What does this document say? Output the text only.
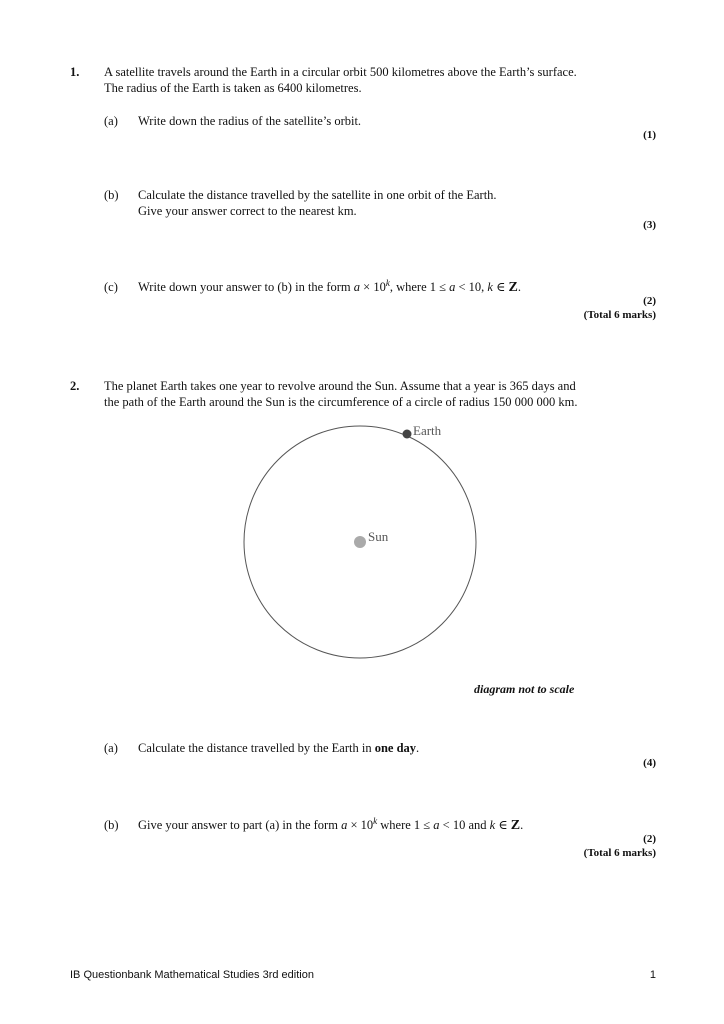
1. A satellite travels around the Earth in a circular orbit 500 kilometres above the Earth’s surface.
The radius of the Earth is taken as 6400 kilometres.
(a) Write down the radius of the satellite’s orbit.
(1)
(b) Calculate the distance travelled by the satellite in one orbit of the Earth.
Give your answer correct to the nearest km.
(3)
(c) Write down your answer to (b) in the form $a \times 10^k$, where 1 ≤ a < 10, k ∈ Z.
(2)
(Total 6 marks)
2. The planet Earth takes one year to revolve around the Sun. Assume that a year is 365 days and
the path of the Earth around the Sun is the circumference of a circle of radius 150 000 000 km.
Earth
Sun
diagram not to scale
(a) Calculate the distance travelled by the Earth in one day.
(4)
(b) Give your answer to part (a) in the form $a \times 10^k$ where 1 ≤ a < 10 and k ∈ Z.
(2)
(Total 6 marks)
IB Questionbank Mathematical Studies 3rd edition	1
